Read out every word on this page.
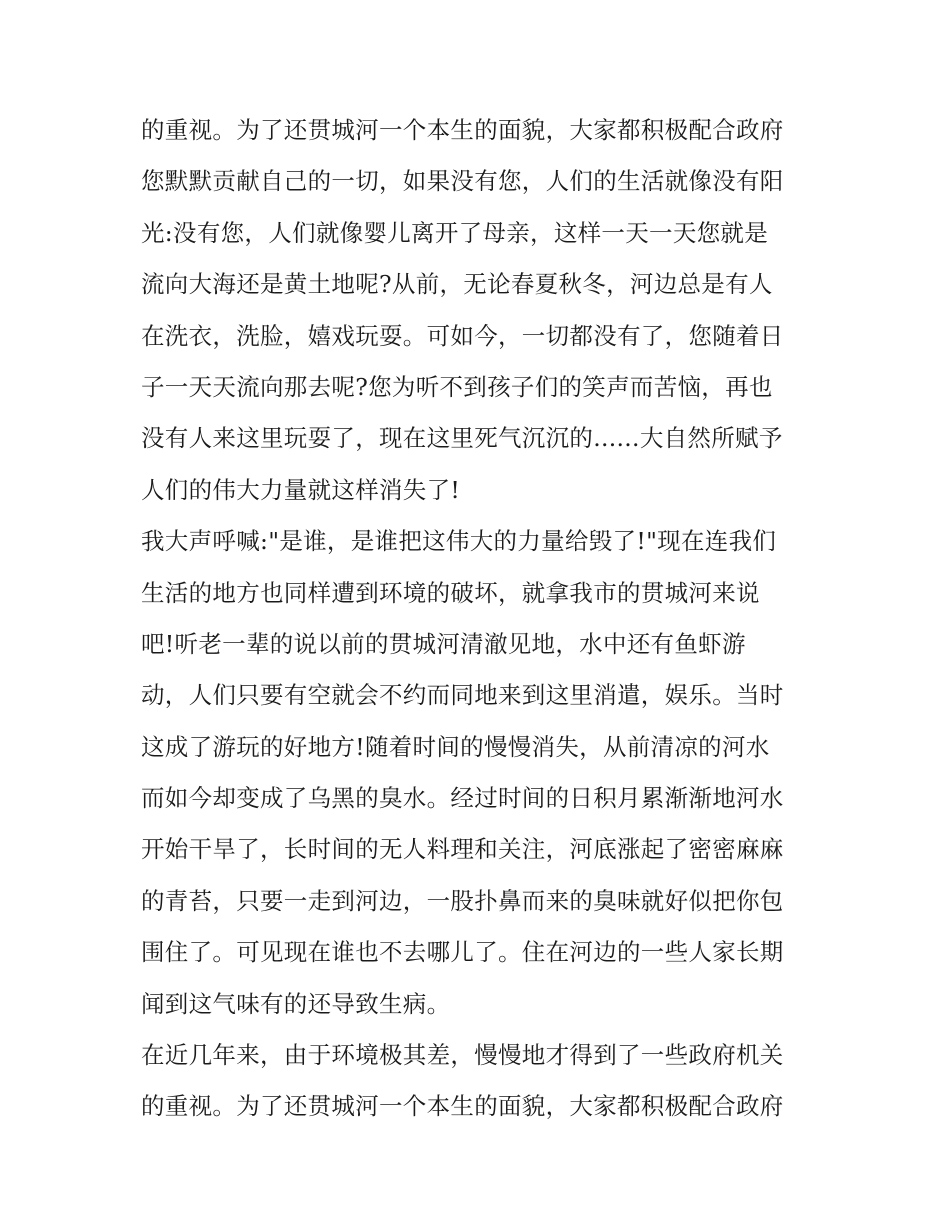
的重视。为了还贯城河一个本生的面貌，大家都积极配合政府
您默默贡献自己的一切，如果没有您，人们的生活就像没有阳
光:没有您，人们就像婴儿离开了母亲，这样一天一天您就是
流向大海还是黄土地呢?从前，无论春夏秋冬，河边总是有人
在洗衣，洗脸，嬉戏玩耍。可如今，一切都没有了，您随着日
子一天天流向那去呢?您为听不到孩子们的笑声而苦恼，再也
没有人来这里玩耍了，现在这里死气沉沉的......大自然所赋予
人们的伟大力量就这样消失了!
我大声呼喊:"是谁，是谁把这伟大的力量给毁了!"现在连我们
生活的地方也同样遭到环境的破坏，就拿我市的贯城河来说
吧!听老一辈的说以前的贯城河清澈见地，水中还有鱼虾游
动，人们只要有空就会不约而同地来到这里消遣，娱乐。当时
这成了游玩的好地方!随着时间的慢慢消失，从前清凉的河水
而如今却变成了乌黑的臭水。经过时间的日积月累渐渐地河水
开始干旱了，长时间的无人料理和关注，河底涨起了密密麻麻
的青苔，只要一走到河边，一股扑鼻而来的臭味就好似把你包
围住了。可见现在谁也不去哪儿了。住在河边的一些人家长期
闻到这气味有的还导致生病。
在近几年来，由于环境极其差，慢慢地才得到了一些政府机关
的重视。为了还贯城河一个本生的面貌，大家都积极配合政府
